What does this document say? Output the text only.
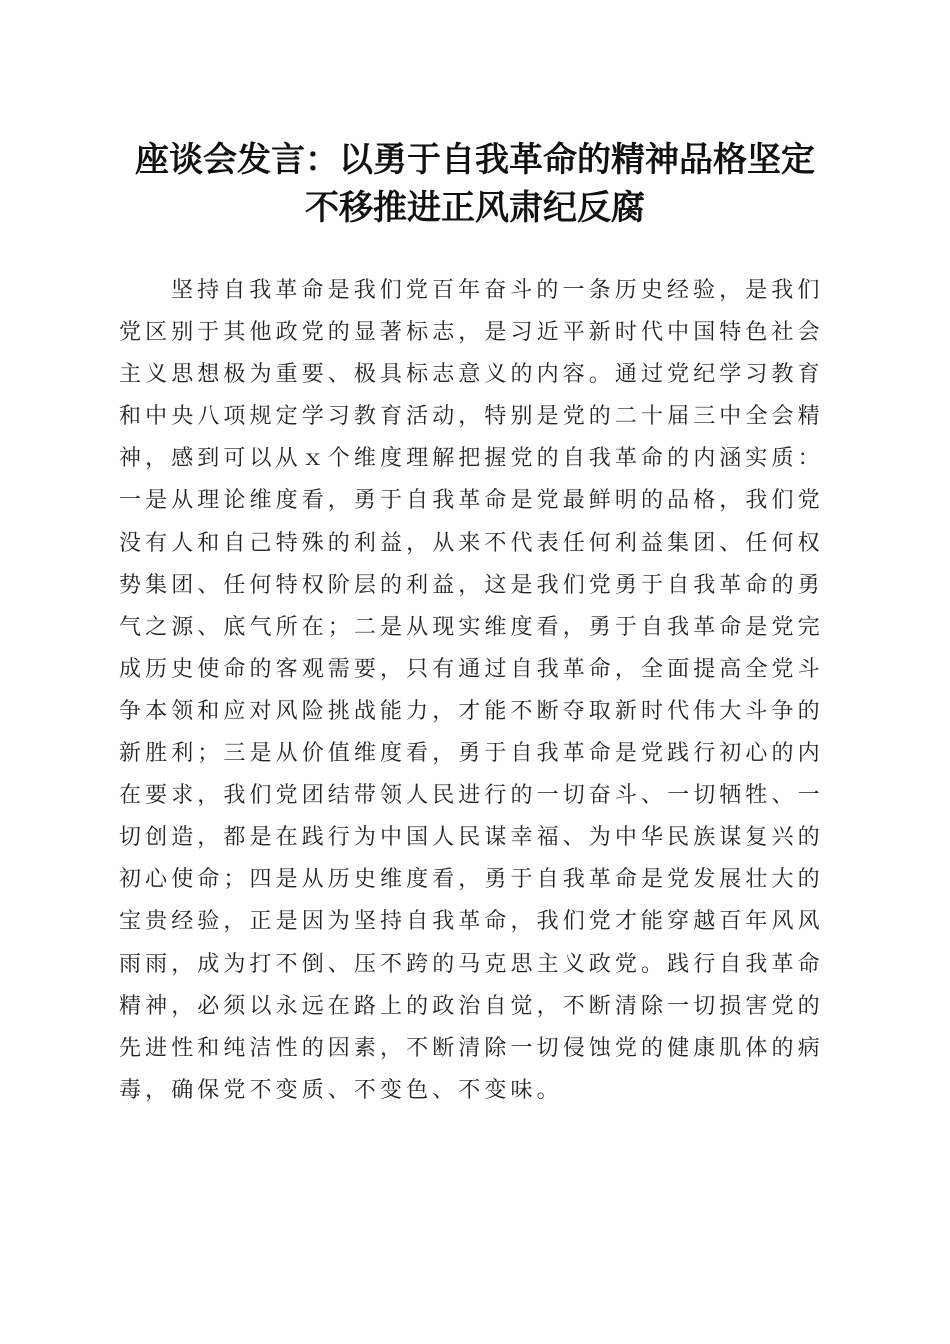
座谈会发言：以勇于自我革命的精神品格坚定
不移推进正风肃纪反腐
坚持自我革命是我们党百年奋斗的一条历史经验，是我们
党区别于其他政党的显著标志，是习近平新时代中国特色社会
主义思想极为重要、极具标志意义的内容。通过党纪学习教育
和中央八项规定学习教育活动，特别是党的二十届三中全会精
神，感到可以从ｘ个维度理解把握党的自我革命的内涵实质：
一是从理论维度看，勇于自我革命是党最鲜明的品格，我们党
没有人和自己特殊的利益，从来不代表任何利益集团、任何权
势集团、任何特权阶层的利益，这是我们党勇于自我革命的勇
气之源、底气所在；二是从现实维度看，勇于自我革命是党完
成历史使命的客观需要，只有通过自我革命，全面提高全党斗
争本领和应对风险挑战能力，才能不断夺取新时代伟大斗争的
新胜利；三是从价值维度看，勇于自我革命是党践行初心的内
在要求，我们党团结带领人民进行的一切奋斗、一切牺牲、一
切创造，都是在践行为中国人民谋幸福、为中华民族谋复兴的
初心使命；四是从历史维度看，勇于自我革命是党发展壮大的
宝贵经验，正是因为坚持自我革命，我们党才能穿越百年风风
雨雨，成为打不倒、压不跨的马克思主义政党。践行自我革命
精神，必须以永远在路上的政治自觉，不断清除一切损害党的
先进性和纯洁性的因素，不断清除一切侵蚀党的健康肌体的病
毒，确保党不变质、不变色、不变味。
